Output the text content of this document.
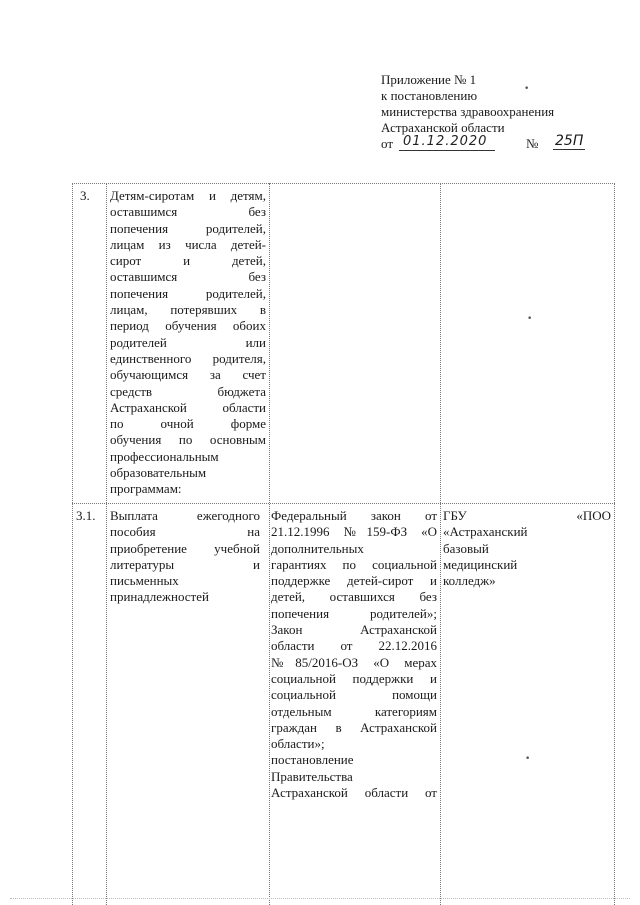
Приложение № 1
к постановлению
министерства здравоохранения
Астраханской области
от 01.12.2020	№ 25П
3. Детям-сиротам и детям,
оставшимся без
попечения родителей,
лицам из числа детей-
сирот и детей,
оставшимся без
попечения родителей,
лицам, потерявших в
период обучения обоих
родителей или
единственного родителя,
обучающимся за счет
средств бюджета
Астраханской области
по очной форме
обучения по основным
профессиональным
образовательным
программам:
3.1. Выплата ежегодного
пособия на
приобретение учебной
литературы и
письменных
принадлежностей
Федеральный закон от
21.12.1996 №159-ФЗ «О
дополнительных
гарантиях по социальной
поддержке детей-сирот и
детей, оставшихся без
попечения родителей»;
Закон Астраханской
области от 22.12.2016
№85/2016-ОЗ «О мерах
социальной поддержки и
социальной помощи
отдельным категориям
граждан в Астраханской
области»;
постановление
Правительства
Астраханской области от
ГБУ «ПОО
«Астраханский
базовый
медицинский
колледж»
•
•
•
